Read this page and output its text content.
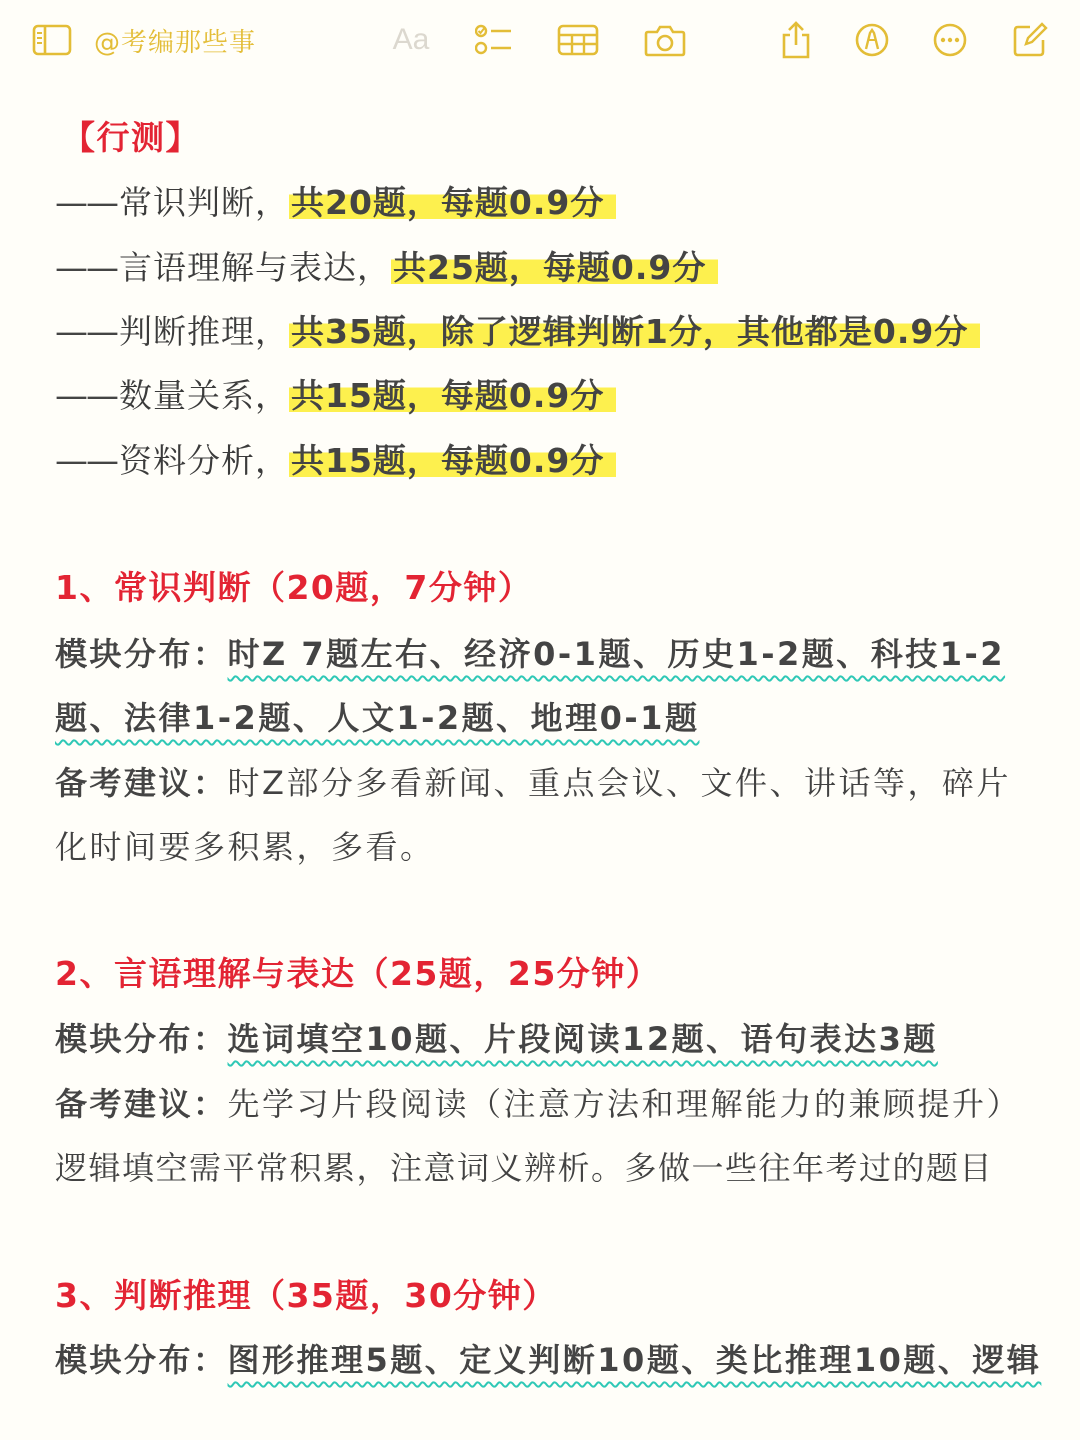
@考编那些事	Aa
【行测】
——常识判断，共20题，每题0.9分
——言语理解与表达，共25题，每题0.9分
——判断推理，共35题，除了逻辑判断1分，其他都是0.9分
——数量关系，共15题，每题0.9分
——资料分析，共15题，每题0.9分
1、常识判断（20题，7分钟）
模块分布：时Z 7题左右、经济0-1题、历史1-2题、科技1-2
题、法律1-2题、人文1-2题、地理0-1题
备考建议：时Z部分多看新闻、重点会议、文件、讲话等，碎片
化时间要多积累，多看。
2、言语理解与表达（25题，25分钟）
模块分布：选词填空10题、片段阅读12题、语句表达3题
备考建议：先学习片段阅读（注意方法和理解能力的兼顾提升）
逻辑填空需平常积累，注意词义辨析。多做一些往年考过的题目
3、判断推理（35题，30分钟）
模块分布：图形推理5题、定义判断10题、类比推理10题、逻辑
